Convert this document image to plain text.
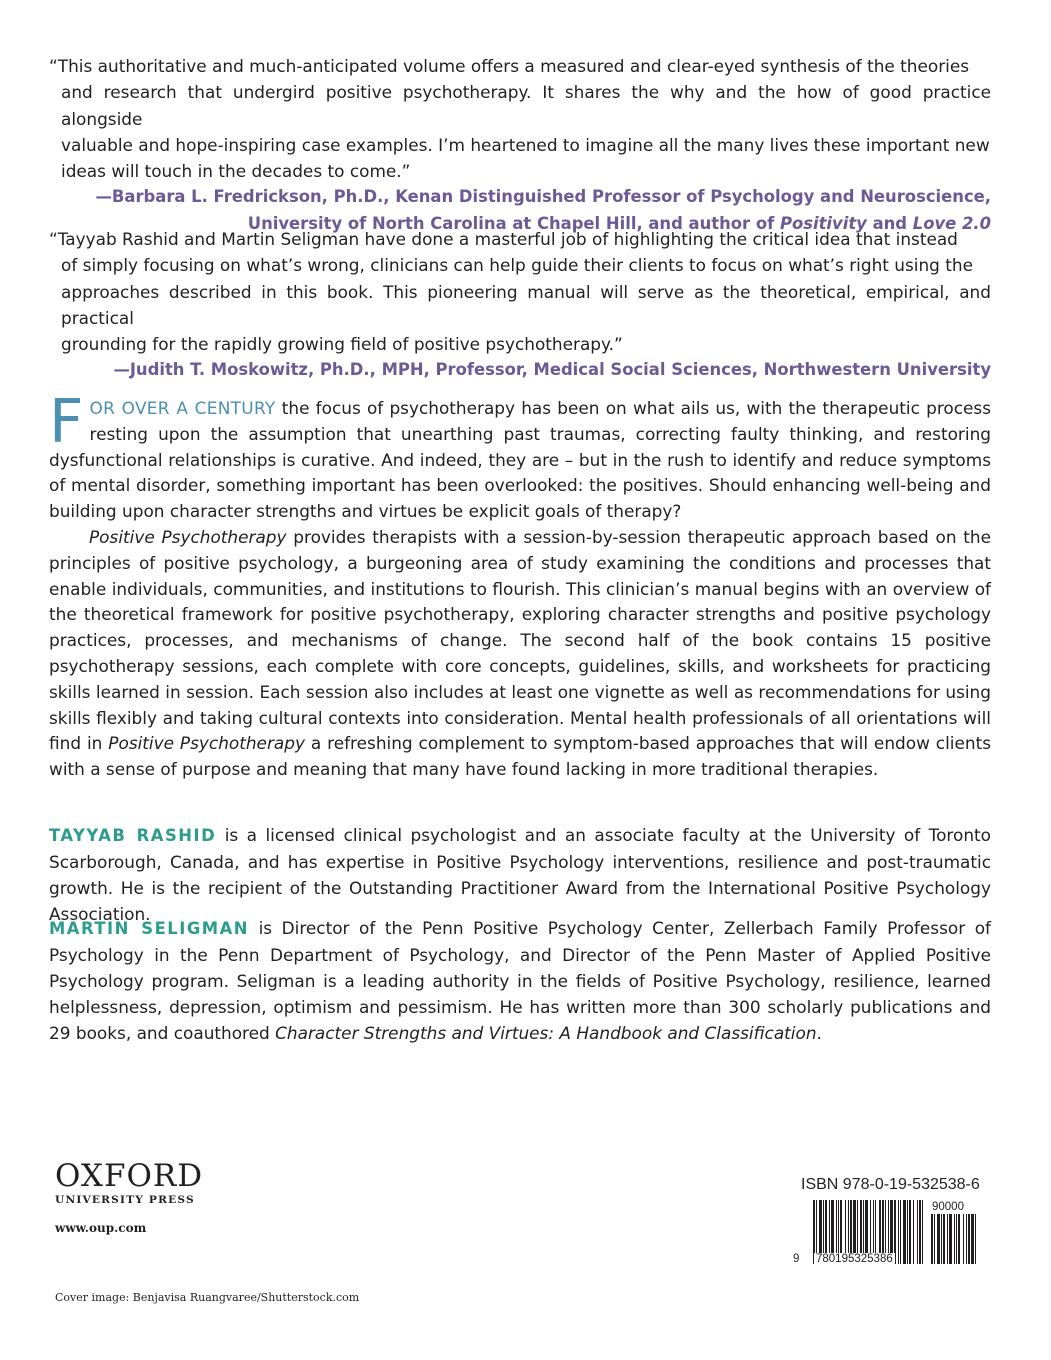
“This authoritative and much-anticipated volume offers a measured and clear-eyed synthesis of the theories
and research that undergird positive psychotherapy. It shares the why and the how of good practice alongside
valuable and hope-inspiring case examples. I’m heartened to imagine all the many lives these important new
ideas will touch in the decades to come.”

—Barbara L. Fredrickson, Ph.D., Kenan Distinguished Professor of Psychology and Neuroscience,
University of North Carolina at Chapel Hill, and author of Positivity and Love 2.0

“Tayyab Rashid and Martin Seligman have done a masterful job of highlighting the critical idea that instead
of simply focusing on what’s wrong, clinicians can help guide their clients to focus on what’s right using the
approaches described in this book. This pioneering manual will serve as the theoretical, empirical, and practical
grounding for the rapidly growing field of positive psychotherapy.”

—Judith T. Moskowitz, Ph.D., MPH, Professor, Medical Social Sciences, Northwestern University

FOR OVER A CENTURY the focus of psychotherapy has been on what ails us, with the therapeutic process resting upon the assumption that unearthing past traumas, correcting faulty thinking, and restoring dysfunctional relationships is curative. And indeed, they are – but in the rush to identify and reduce symptoms of mental disorder, something important has been overlooked: the positives. Should enhancing well-being and building upon character strengths and virtues be explicit goals of therapy?

Positive Psychotherapy provides therapists with a session-by-session therapeutic approach based on the principles of positive psychology, a burgeoning area of study examining the conditions and processes that enable individuals, communities, and institutions to flourish. This clinician’s manual begins with an overview of the theoretical framework for positive psychotherapy, exploring character strengths and positive psychology practices, processes, and mechanisms of change. The second half of the book contains 15 positive psychotherapy sessions, each complete with core concepts, guidelines, skills, and worksheets for practicing skills learned in session. Each session also includes at least one vignette as well as recommendations for using skills flexibly and taking cultural contexts into consideration. Mental health professionals of all orientations will find in Positive Psychotherapy a refreshing complement to symptom-based approaches that will endow clients with a sense of purpose and meaning that many have found lacking in more traditional therapies.

TAYYAB RASHID is a licensed clinical psychologist and an associate faculty at the University of Toronto Scarborough, Canada, and has expertise in Positive Psychology interventions, resilience and post-traumatic growth. He is the recipient of the Outstanding Practitioner Award from the International Positive Psychology Association.

MARTIN SELIGMAN is Director of the Penn Positive Psychology Center, Zellerbach Family Professor of Psychology in the Penn Department of Psychology, and Director of the Penn Master of Applied Positive Psychology program. Seligman is a leading authority in the fields of Positive Psychology, resilience, learned helplessness, depression, optimism and pessimism. He has written more than 300 scholarly publications and 29 books, and coauthored Character Strengths and Virtues: A Handbook and Classification.

OXFORD
UNIVERSITY PRESS
www.oup.com
Cover image: Benjavisa Ruangvaree/Shutterstock.com
ISBN 978-0-19-532538-6
9 780195325386
90000
